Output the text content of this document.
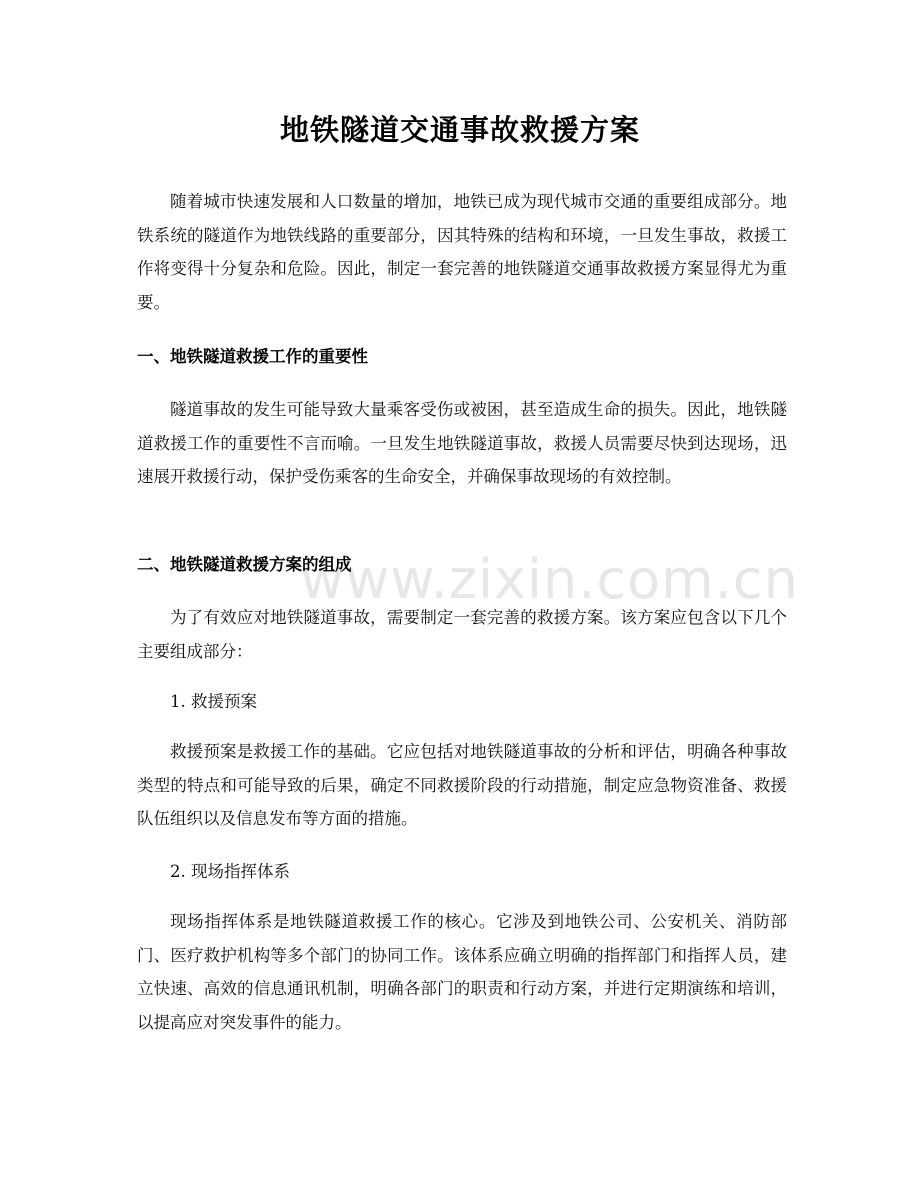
www.zixin.com.cn
地铁隧道交通事故救援方案

随着城市快速发展和人口数量的增加，地铁已成为现代城市交通的重要组成部分。地铁系统的隧道作为地铁线路的重要部分，因其特殊的结构和环境，一旦发生事故，救援工作将变得十分复杂和危险。因此，制定一套完善的地铁隧道交通事故救援方案显得尤为重要。

一、地铁隧道救援工作的重要性

隧道事故的发生可能导致大量乘客受伤或被困，甚至造成生命的损失。因此，地铁隧道救援工作的重要性不言而喻。一旦发生地铁隧道事故，救援人员需要尽快到达现场，迅速展开救援行动，保护受伤乘客的生命安全，并确保事故现场的有效控制。

二、地铁隧道救援方案的组成

为了有效应对地铁隧道事故，需要制定一套完善的救援方案。该方案应包含以下几个主要组成部分：

1. 救援预案

救援预案是救援工作的基础。它应包括对地铁隧道事故的分析和评估，明确各种事故类型的特点和可能导致的后果，确定不同救援阶段的行动措施，制定应急物资准备、救援队伍组织以及信息发布等方面的措施。

2. 现场指挥体系

现场指挥体系是地铁隧道救援工作的核心。它涉及到地铁公司、公安机关、消防部门、医疗救护机构等多个部门的协同工作。该体系应确立明确的指挥部门和指挥人员，建立快速、高效的信息通讯机制，明确各部门的职责和行动方案，并进行定期演练和培训，以提高应对突发事件的能力。
